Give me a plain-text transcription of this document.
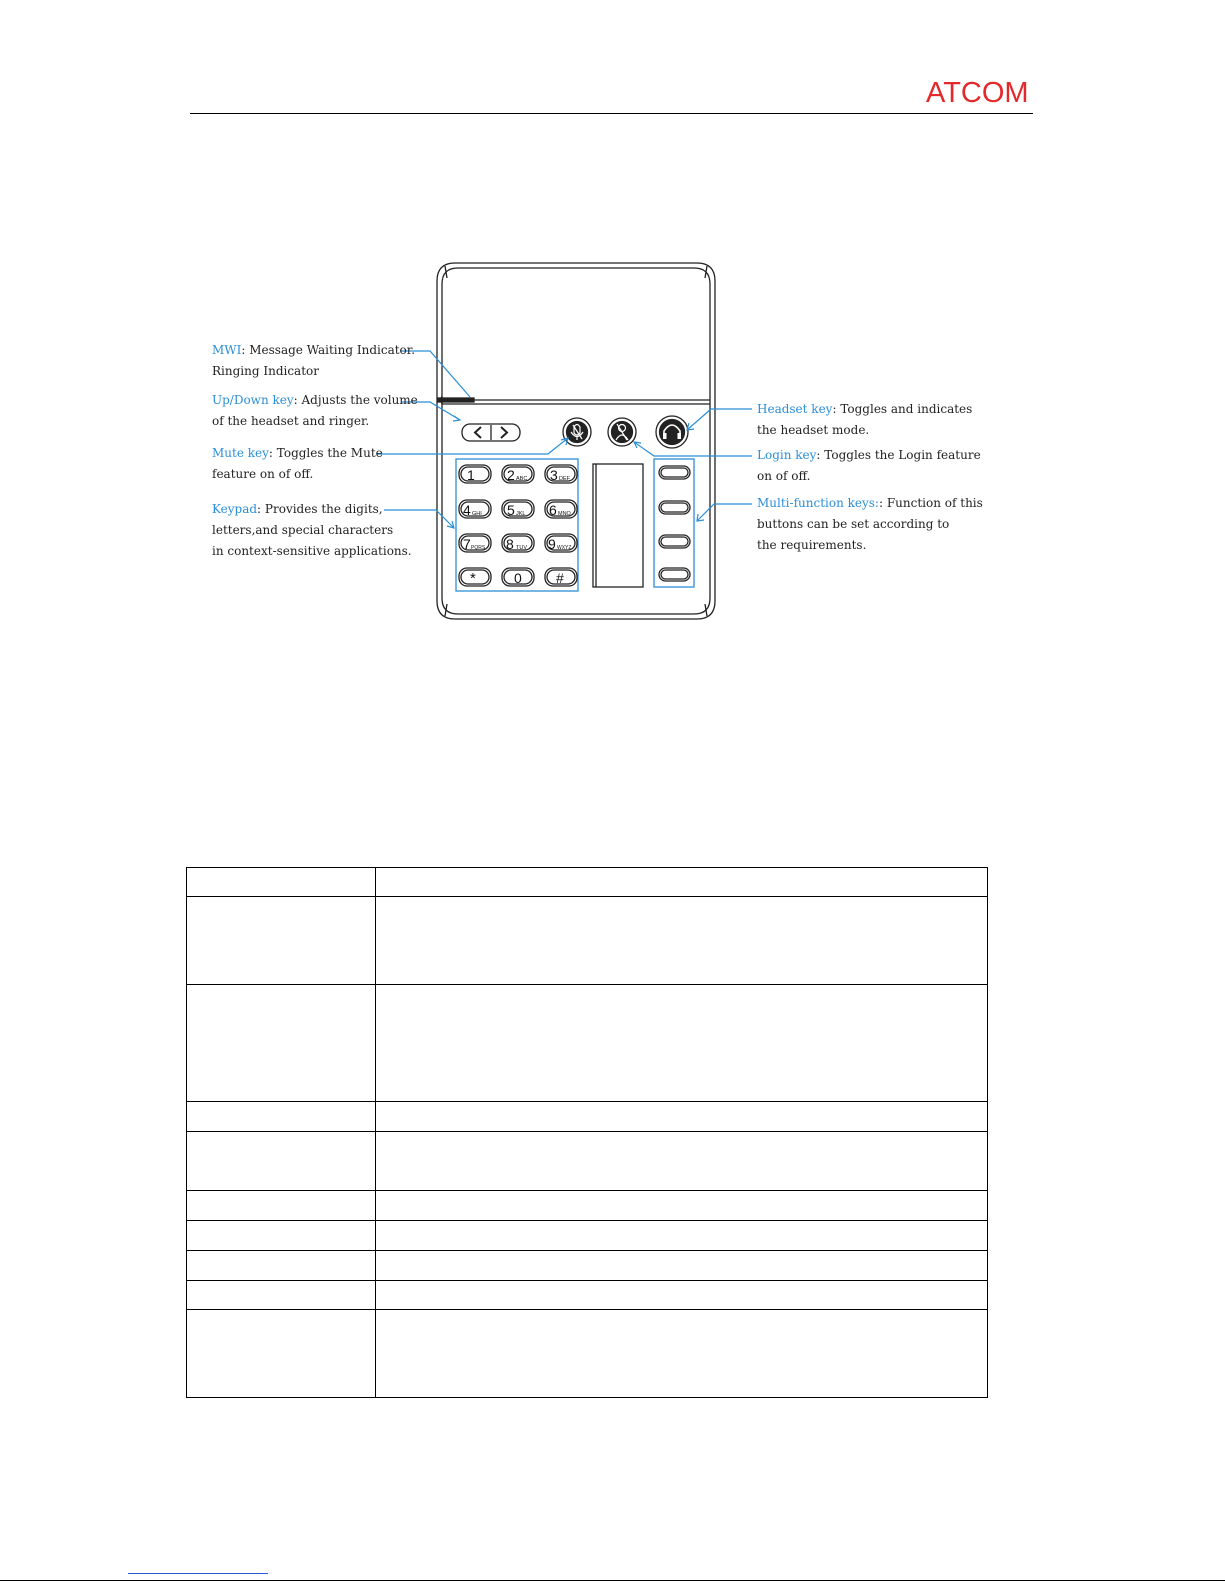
ATCOM
1 2 ABC 3 DEF
4 GHI 5 JKL 6 MNO
7 PQRS 8 TUV 9 WXYZ
*	0 #
MWI: Message Waiting Indicator.
Ringing Indicator
Up/Down key: Adjusts the volume
of the headset and ringer.
Mute key: Toggles the Mute
feature on of off.
Keypad: Provides the digits,
letters,and special characters
in context-sensitive applications.
Headset key: Toggles and indicates
the headset mode.
Login key: Toggles the Login feature
on of off.
Multi-function keys:: Function of this
buttons can be set according to
the requirements.
